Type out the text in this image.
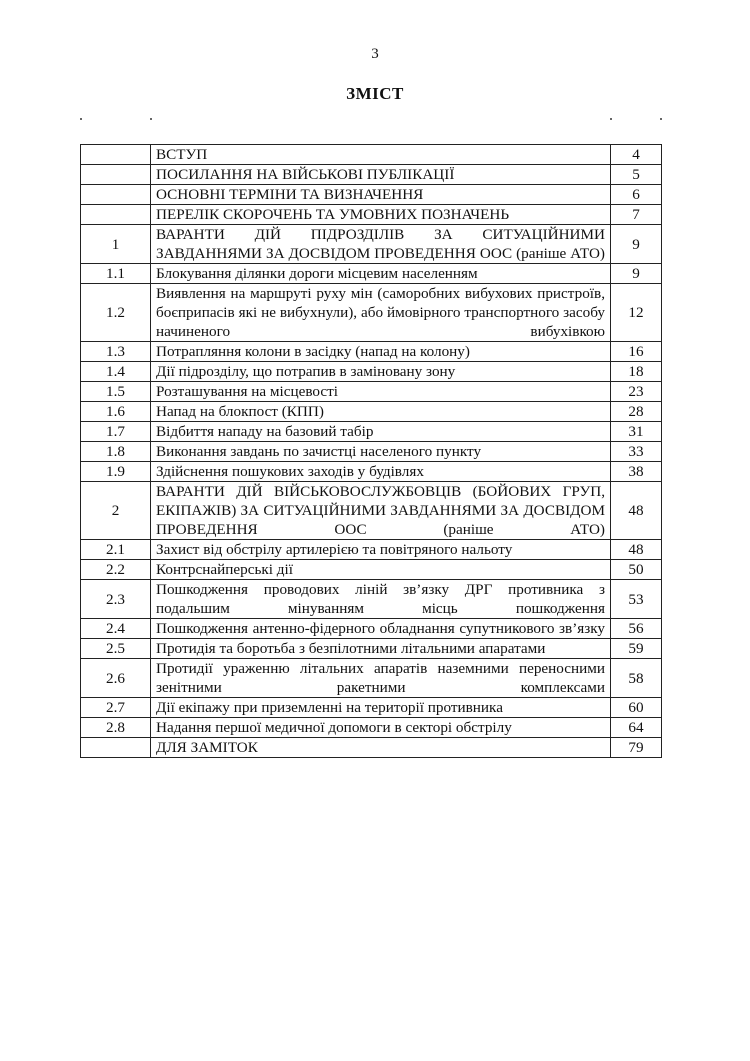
3
ЗМІСТ
	ВСТУП	4
	ПОСИЛАННЯ НА ВІЙСЬКОВІ ПУБЛІКАЦІЇ	5
	ОСНОВНІ ТЕРМІНИ ТА ВИЗНАЧЕННЯ	6
	ПЕРЕЛІК СКОРОЧЕНЬ ТА УМОВНИХ ПОЗНАЧЕНЬ	7
1	ВАРАНТИ ДІЙ ПІДРОЗДІЛІВ ЗА СИТУАЦІЙНИМИ ЗАВДАННЯМИ ЗА ДОСВІДОМ ПРОВЕДЕННЯ ООС (раніше АТО)	9
1.1	Блокування ділянки дороги місцевим населенням	9
1.2	Виявлення на маршруті руху мін (саморобних вибухових пристроїв, боєприпасів які не вибухнули), або ймовірного транспортного засобу начиненого вибухівкою	12
1.3	Потрапляння колони в засідку (напад на колону)	16
1.4	Дії підрозділу, що потрапив в заміновану зону	18
1.5	Розташування на місцевості	23
1.6	Напад на блокпост (КПП)	28
1.7	Відбиття нападу на базовий табір	31
1.8	Виконання завдань по зачистці населеного пункту	33
1.9	Здійснення пошукових заходів у будівлях	38
2	ВАРАНТИ ДІЙ ВІЙСЬКОВОСЛУЖБОВЦІВ (БОЙОВИХ ГРУП, ЕКІПАЖІВ) ЗА СИТУАЦІЙНИМИ ЗАВДАННЯМИ ЗА ДОСВІДОМ ПРОВЕДЕННЯ ООС (раніше АТО)	48
2.1	Захист від обстрілу артилерією та повітряного нальоту	48
2.2	Контрснайперські дії	50
2.3	Пошкодження проводових ліній зв’язку ДРГ противника з подальшим мінуванням місць пошкодження	53
2.4	Пошкодження антенно-фідерного обладнання супутникового зв’язку	56
2.5	Протидія та боротьба з безпілотними літальними апаратами	59
2.6	Протидії ураженню літальних апаратів наземними переносними зенітними ракетними комплексами	58
2.7	Дії екіпажу при приземленні на території противника	60
2.8	Надання першої медичної допомоги в секторі обстрілу	64
	ДЛЯ ЗАМІТОК	79
